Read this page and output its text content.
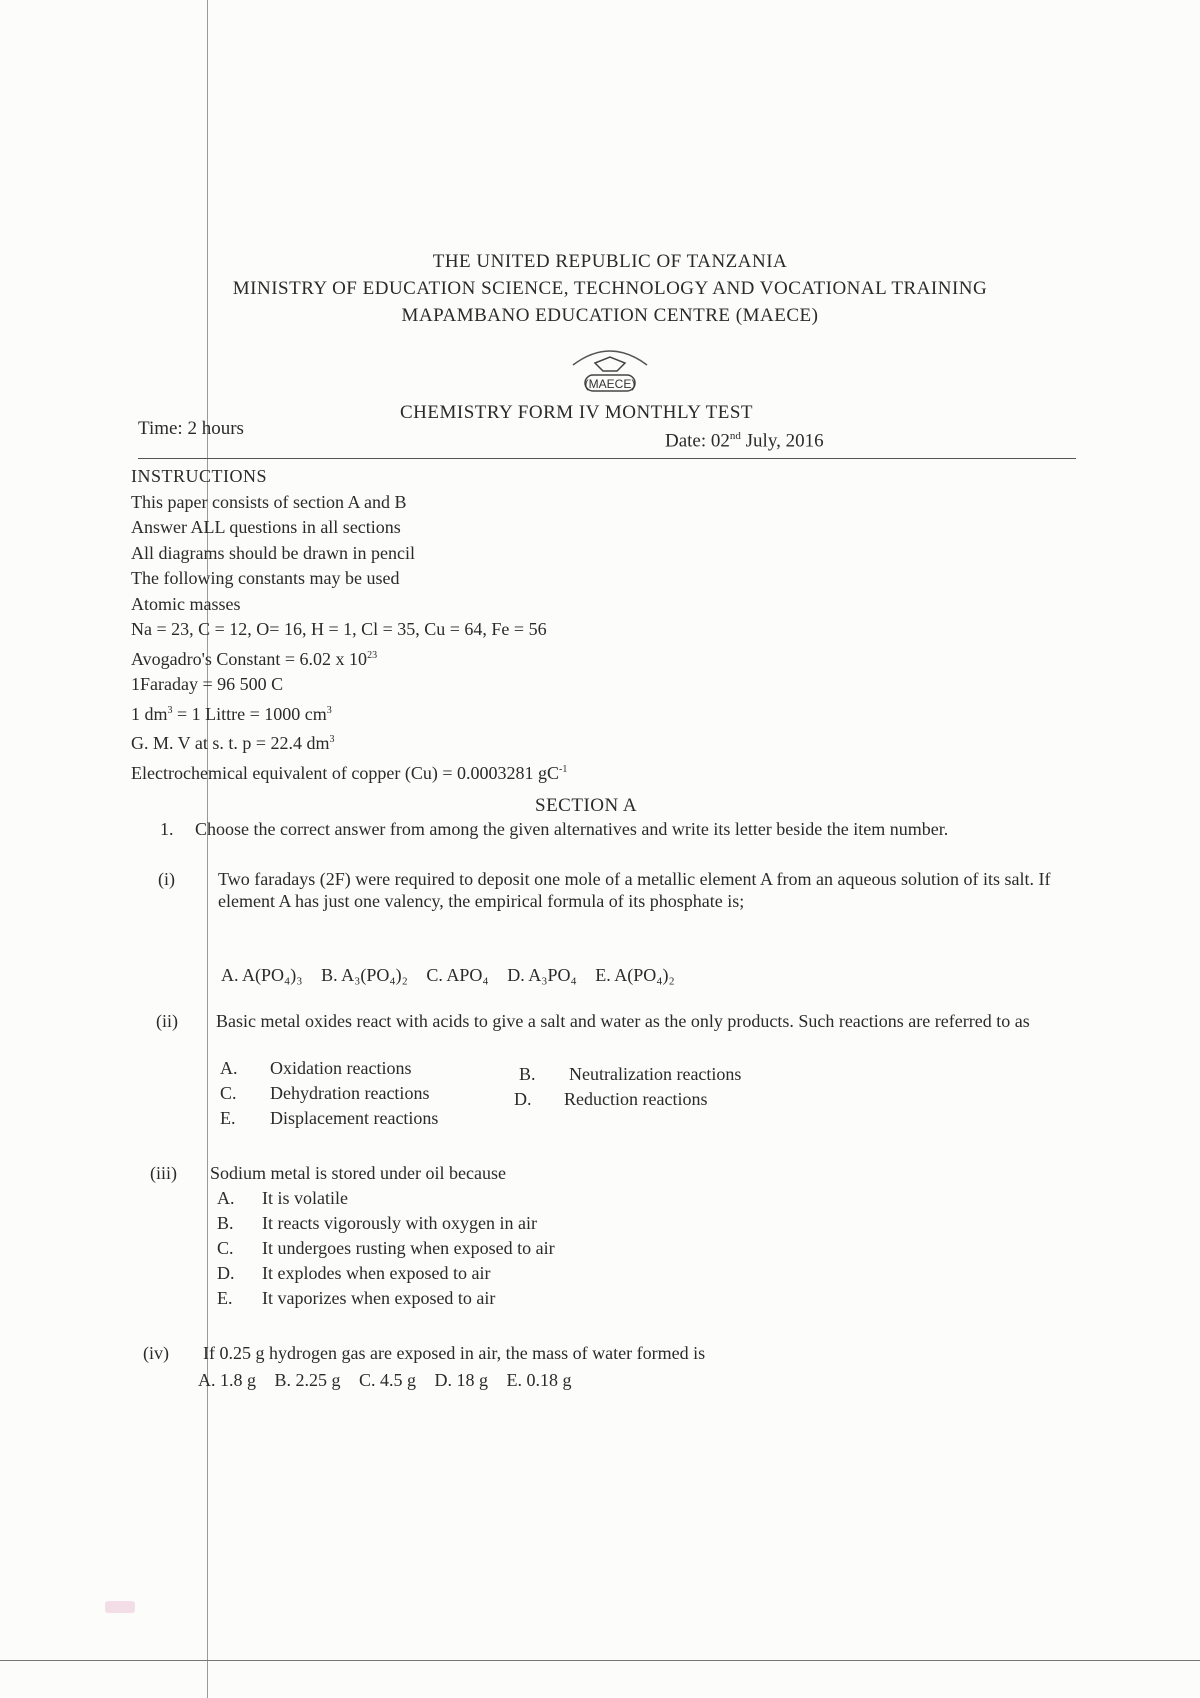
THE UNITED REPUBLIC OF TANZANIA
MINISTRY OF EDUCATION SCIENCE, TECHNOLOGY AND VOCATIONAL TRAINING
MAPAMBANO EDUCATION CENTRE (MAECE)
(MAECE)
CHEMISTRY FORM IV MONTHLY TEST
Time: 2 hours
Date: 02nd July, 2016
INSTRUCTIONS
This paper consists of section A and B
Answer ALL questions in all sections
All diagrams should be drawn in pencil
The following constants may be used
Atomic masses
Na = 23, C = 12, O= 16, H = 1, Cl = 35, Cu = 64, Fe = 56
Avogadro's Constant = 6.02 x $10^{23}$
1Faraday = 96 500 C
1 $dm^3 = 1$ Littre = 1000 $cm^3$
G. M. V at s. t. p = 22.4 $dm^3$
Electrochemical equivalent of copper (Cu) = 0.0003281 $gC^{-1}$
SECTION A
1. Choose the correct answer from among the given alternatives and write its letter beside the item number.
(i) Two faradays (2F) were required to deposit one mole of a metallic element A from an aqueous solution of its salt. If element A has just one valency, the empirical formula of its phosphate is;
A. A(PO₄)₃ B. A₃(PO₄)₂ C. APO₄ D. A₃PO₄ E. A(PO₄)₂
(ii) Basic metal oxides react with acids to give a salt and water as the only products. Such reactions are referred to as
A. Oxidation reactions	B. Neutralization reactions
C. Dehydration reactions	D. Reduction reactions
E. Displacement reactions
(iii) Sodium metal is stored under oil because
A. It is volatile
B. It reacts vigorously with oxygen in air
C. It undergoes rusting when exposed to air
D. It explodes when exposed to air
E. It vaporizes when exposed to air
(iv) If 0.25 g hydrogen gas are exposed in air, the mass of water formed is
A. 1.8 g B. 2.25 g C. 4.5 g D. 18 g E. 0.18 g
